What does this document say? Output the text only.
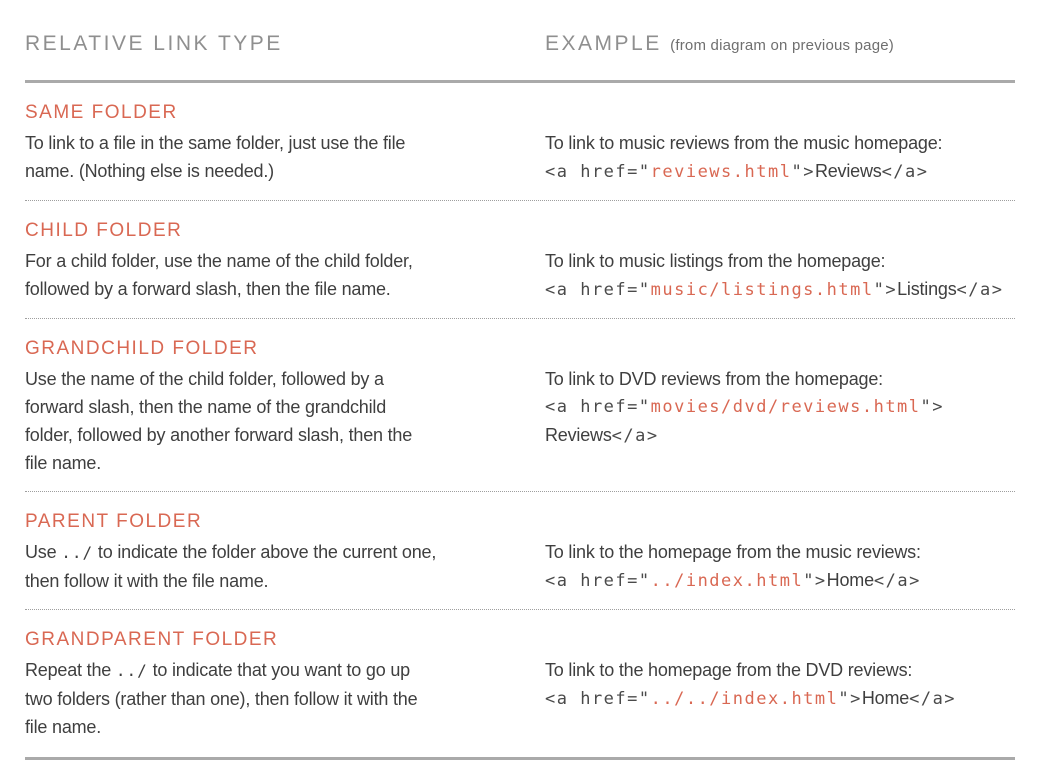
RELATIVE LINK TYPE	EXAMPLE (from diagram on previous page)
SAME FOLDER

To link to a file in the same folder, just use the file
name. (Nothing else is needed.)

To link to music reviews from the music homepage:

<a href="reviews.html">Reviews</a>

CHILD FOLDER

For a child folder, use the name of the child folder,
followed by a forward slash, then the file name.

To link to music listings from the homepage:

<a href="music/listings.html">Listings</a>

GRANDCHILD FOLDER

Use the name of the child folder, followed by a
forward slash, then the name of the grandchild
folder, followed by another forward slash, then the
file name.

To link to DVD reviews from the homepage:

<a href="movies/dvd/reviews.html">
Reviews</a>

PARENT FOLDER

Use ../ to indicate the folder above the current one,
then follow it with the file name.

To link to the homepage from the music reviews:

<a href="../index.html">Home</a>

GRANDPARENT FOLDER

Repeat the ../ to indicate that you want to go up
two folders (rather than one), then follow it with the
file name.

To link to the homepage from the DVD reviews:

<a href="../../index.html">Home</a>
